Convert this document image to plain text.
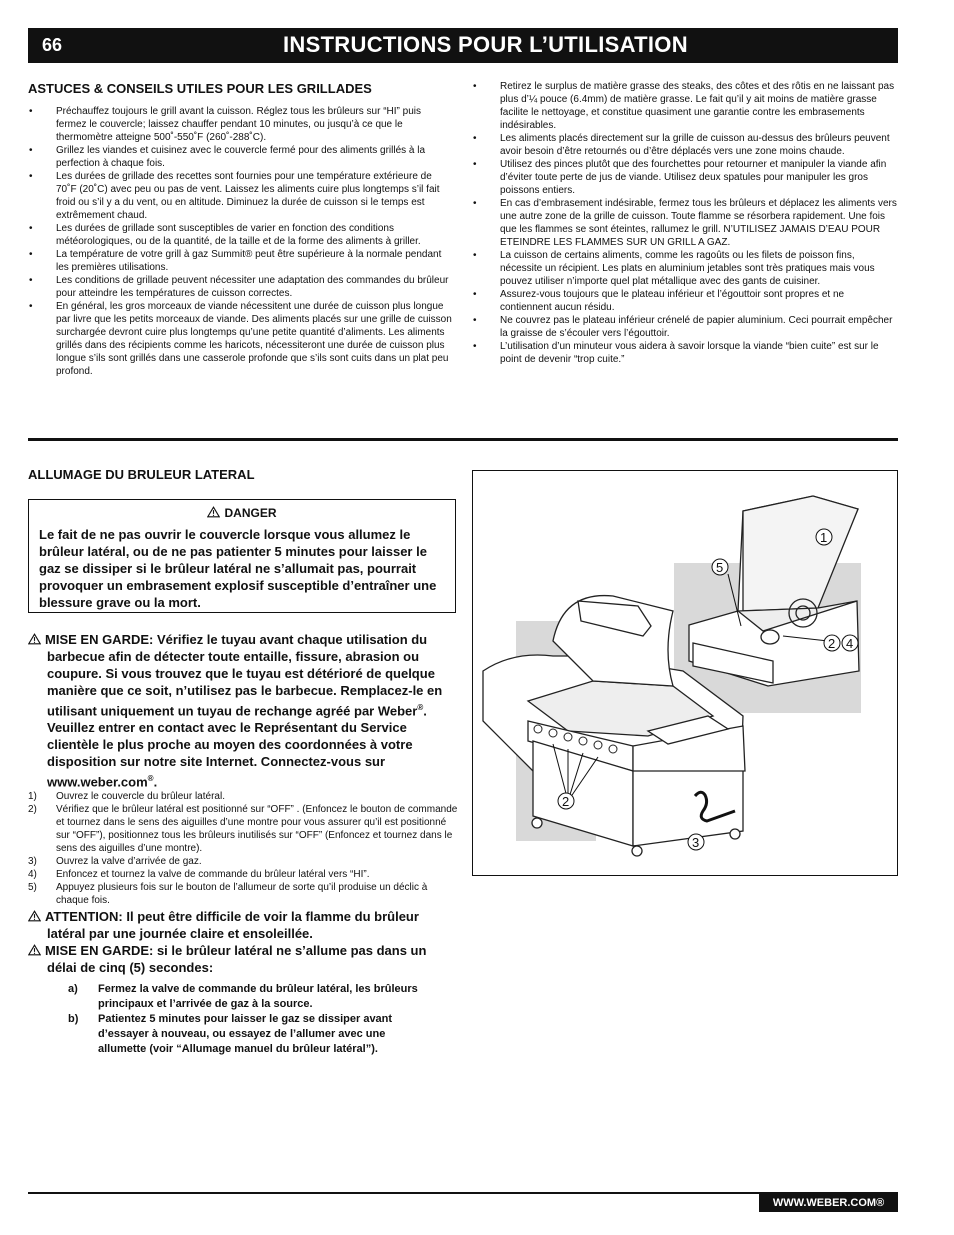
66	INSTRUCTIONS POUR L’UTILISATION
ASTUCES & CONSEILS UTILES POUR LES GRILLADES
• Préchauffez toujours le grill avant la cuisson. Réglez tous les brûleurs sur “HI” puis fermez le couvercle; laissez chauffer pendant 10 minutes, ou jusqu’à ce que le thermomètre atteigne 500˚-550˚F (260˚-288˚C).
• Grillez les viandes et cuisinez avec le couvercle fermé pour des aliments grillés à la perfection à chaque fois.
• Les durées de grillade des recettes sont fournies pour une température extérieure de 70˚F (20˚C) avec peu ou pas de vent. Laissez les aliments cuire plus longtemps s’il fait froid ou s’il y a du vent, ou en altitude. Diminuez la durée de cuisson si le temps est extrêmement chaud.
• Les durées de grillade sont susceptibles de varier en fonction des conditions météorologiques, ou de la quantité, de la taille et de la forme des aliments à griller.
• La température de votre grill à gaz Summit® peut être supérieure à la normale pendant les premières utilisations.
• Les conditions de grillade peuvent nécessiter une adaptation des commandes du brûleur pour atteindre les températures de cuisson correctes.
• En général, les gros morceaux de viande nécessitent une durée de cuisson plus longue par livre que les petits morceaux de viande. Des aliments placés sur une grille de cuisson surchargée devront cuire plus longtemps qu’une petite quantité d’aliments. Les aliments grillés dans des récipients comme les haricots, nécessiteront une durée de cuisson plus longue s’ils sont grillés dans une casserole profonde que s’ils sont cuits dans un plat peu profond.
• Retirez le surplus de matière grasse des steaks, des côtes et des rôtis en ne laissant pas plus d’¼ pouce (6.4mm) de matière grasse. Le fait qu’il y ait moins de matière grasse facilite le nettoyage, et constitue quasiment une garantie contre les embrasements indésirables.
• Les aliments placés directement sur la grille de cuisson au-dessus des brûleurs peuvent avoir besoin d’être retournés ou d’être déplacés vers une zone moins chaude.
• Utilisez des pinces plutôt que des fourchettes pour retourner et manipuler la viande afin d’éviter toute perte de jus de viande. Utilisez deux spatules pour manipuler les gros poissons entiers.
• En cas d’embrasement indésirable, fermez tous les brûleurs et déplacez les aliments vers une autre zone de la grille de cuisson. Toute flamme se résorbera rapidement. Une fois que les flammes se sont éteintes, rallumez le grill. N’UTILISEZ JAMAIS D’EAU POUR ETEINDRE LES FLAMMES SUR UN GRILL A GAZ.
• La cuisson de certains aliments, comme les ragoûts ou les filets de poisson fins, nécessite un récipient. Les plats en aluminium jetables sont très pratiques mais vous pouvez utiliser n’importe quel plat métallique avec des gants de cuisiner.
• Assurez-vous toujours que le plateau inférieur et l’égouttoir sont propres et ne contiennent aucun résidu.
• Ne couvrez pas le plateau inférieur crénelé de papier aluminium. Ceci pourrait empêcher la graisse de s’écouler vers l’égouttoir.
• L’utilisation d’un minuteur vous aidera à savoir lorsque la viande “bien cuite” est sur le point de devenir “trop cuite.”
ALLUMAGE DU BRULEUR LATERAL
DANGER
Le fait de ne pas ouvrir le couvercle lorsque vous allumez le brûleur latéral, ou de ne pas patienter 5 minutes pour laisser le gaz se dissiper si le brûleur latéral ne s’allumait pas, pourrait provoquer un embrasement explosif susceptible d’entraîner une blessure grave ou la mort.
MISE EN GARDE: Vérifiez le tuyau avant chaque utilisation du barbecue afin de détecter toute entaille, fissure, abrasion ou coupure. Si vous trouvez que le tuyau est détérioré de quelque manière que ce soit, n’utilisez pas le barbecue. Remplacez-le en utilisant uniquement un tuyau de rechange agréé par Weber®. Veuillez entrer en contact avec le Représentant du Service clientèle le plus proche au moyen des coordonnées à votre disposition sur notre site Internet. Connectez-vous sur www.weber.com®.
1) Ouvrez le couvercle du brûleur latéral.
2) Vérifiez que le brûleur latéral est positionné sur “OFF” . (Enfoncez le bouton de commande et tournez dans le sens des aiguilles d’une montre pour vous assurer qu’il est positionné sur “OFF”), positionnez tous les brûleurs inutilisés sur “OFF” (Enfoncez et tournez dans le sens des aiguilles d’une montre).
3) Ouvrez la valve d’arrivée de gaz.
4) Enfoncez et tournez la valve de commande du brûleur latéral vers “HI”.
5) Appuyez plusieurs fois sur le bouton de l’allumeur de sorte qu’il produise un déclic à chaque fois.
ATTENTION: Il peut être difficile de voir la flamme du brûleur latéral par une journée claire et ensoleillée.
MISE EN GARDE: si le brûleur latéral ne s’allume pas dans un délai de cinq (5) secondes:
a) Fermez la valve de commande du brûleur latéral, les brûleurs principaux et l’arrivée de gaz à la source.
b) Patientez 5 minutes pour laisser le gaz se dissiper avant d’essayer à nouveau, ou essayez de l’allumer avec une allumette (voir “Allumage manuel du brûleur latéral”).
1
5
2 4
2
3
WWW.WEBER.COM®
